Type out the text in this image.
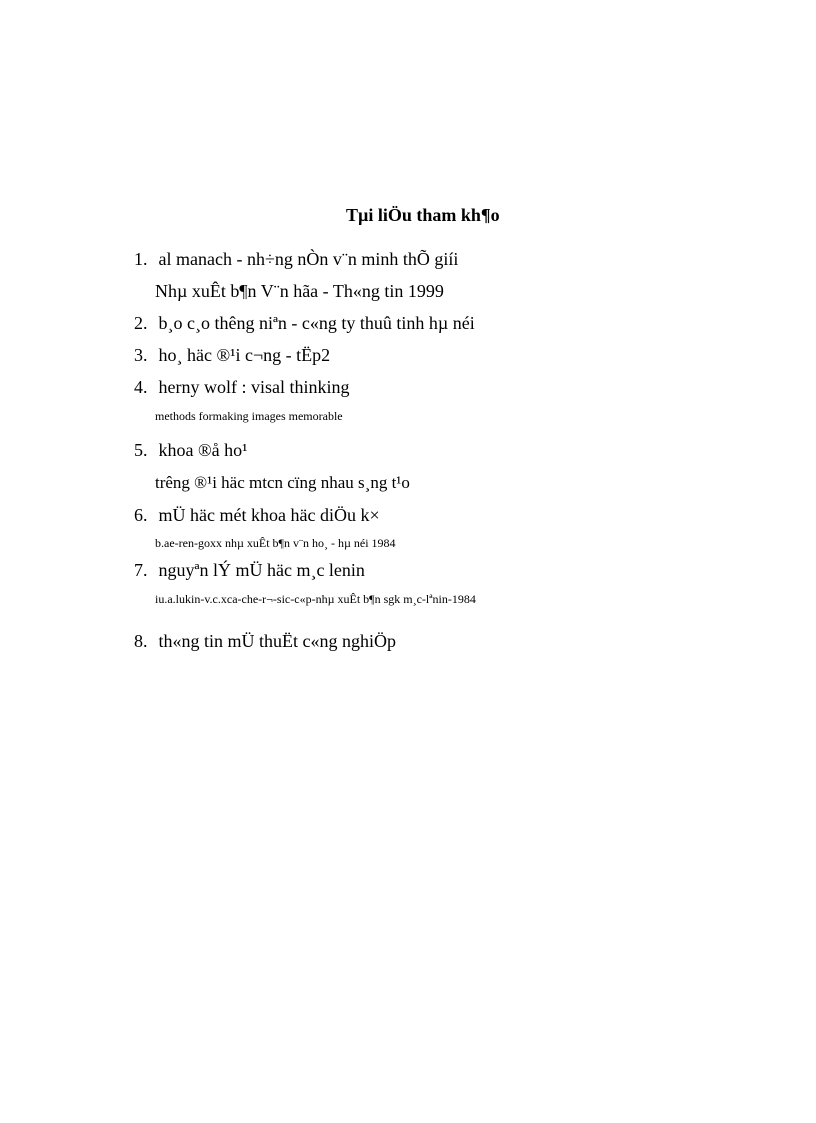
Tµi liÖu tham kh¶o
1. al manach - nh÷ng nÒn v¨n minh thÕ giíi
Nhµ xuÊt b¶n V¨n hãa - Th«ng tin 1999
2. b¸o c¸o thêng niªn - c«ng ty thuû tinh hµ néi
3. ho¸ häc ®¹i c¬ng - tËp2
4. herny wolf : visal thinking
methods formaking images memorable
5. khoa ®å ho¹
trêng ®¹i häc mtcn cïng nhau s¸ng t¹o
6. mÜ häc mét khoa häc diÖu k×
b.ae-ren-goxx nhµ xuÊt b¶n v¨n ho¸ - hµ néi 1984
7. nguyªn lÝ mÜ häc m¸c lenin
iu.a.lukin-v.c.xca-che-r¬-sic-c«p-nhµ xuÊt b¶n sgk m¸c-lªnin-1984
8. th«ng tin mÜ thuËt c«ng nghiÖp
